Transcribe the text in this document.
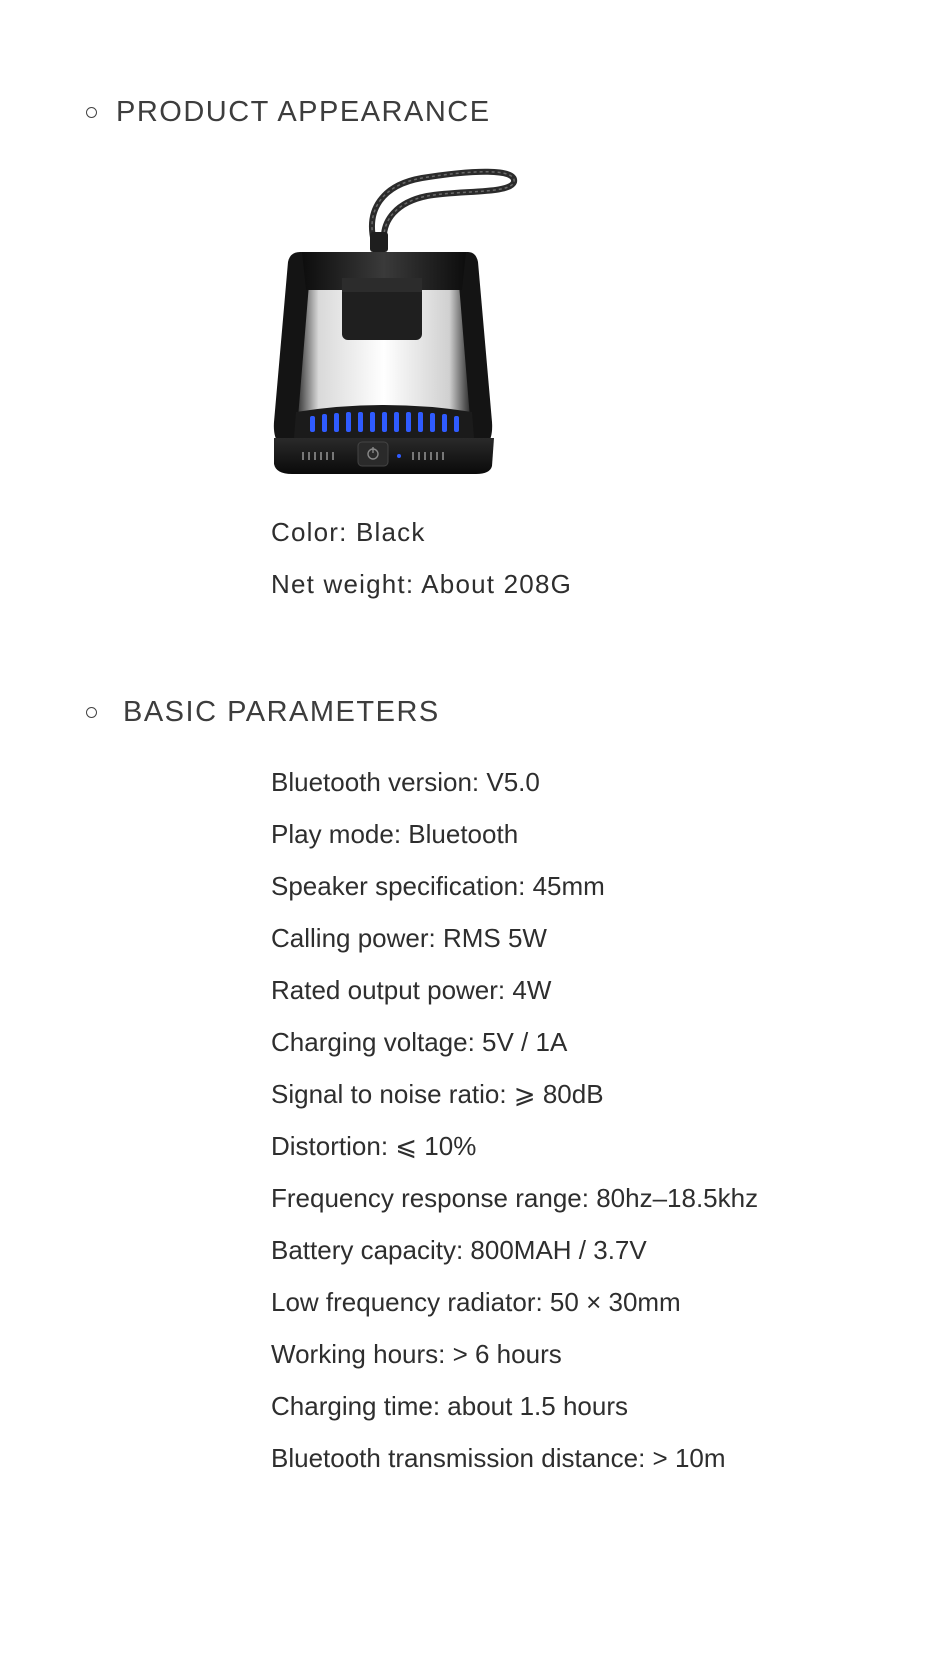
PRODUCT APPEARANCE
Color: Black
Net weight: About 208G
BASIC PARAMETERS
Bluetooth version: V5.0
Play mode: Bluetooth
Speaker specification: 45mm
Calling power: RMS 5W
Rated output power: 4W
Charging voltage: 5V / 1A
Signal to noise ratio: ⩾ 80dB
Distortion: ⩽ 10%
Frequency response range: 80hz–18.5khz
Battery capacity: 800MAH / 3.7V
Low frequency radiator: 50 × 30mm
Working hours: > 6 hours
Charging time: about 1.5 hours
Bluetooth transmission distance: > 10m
